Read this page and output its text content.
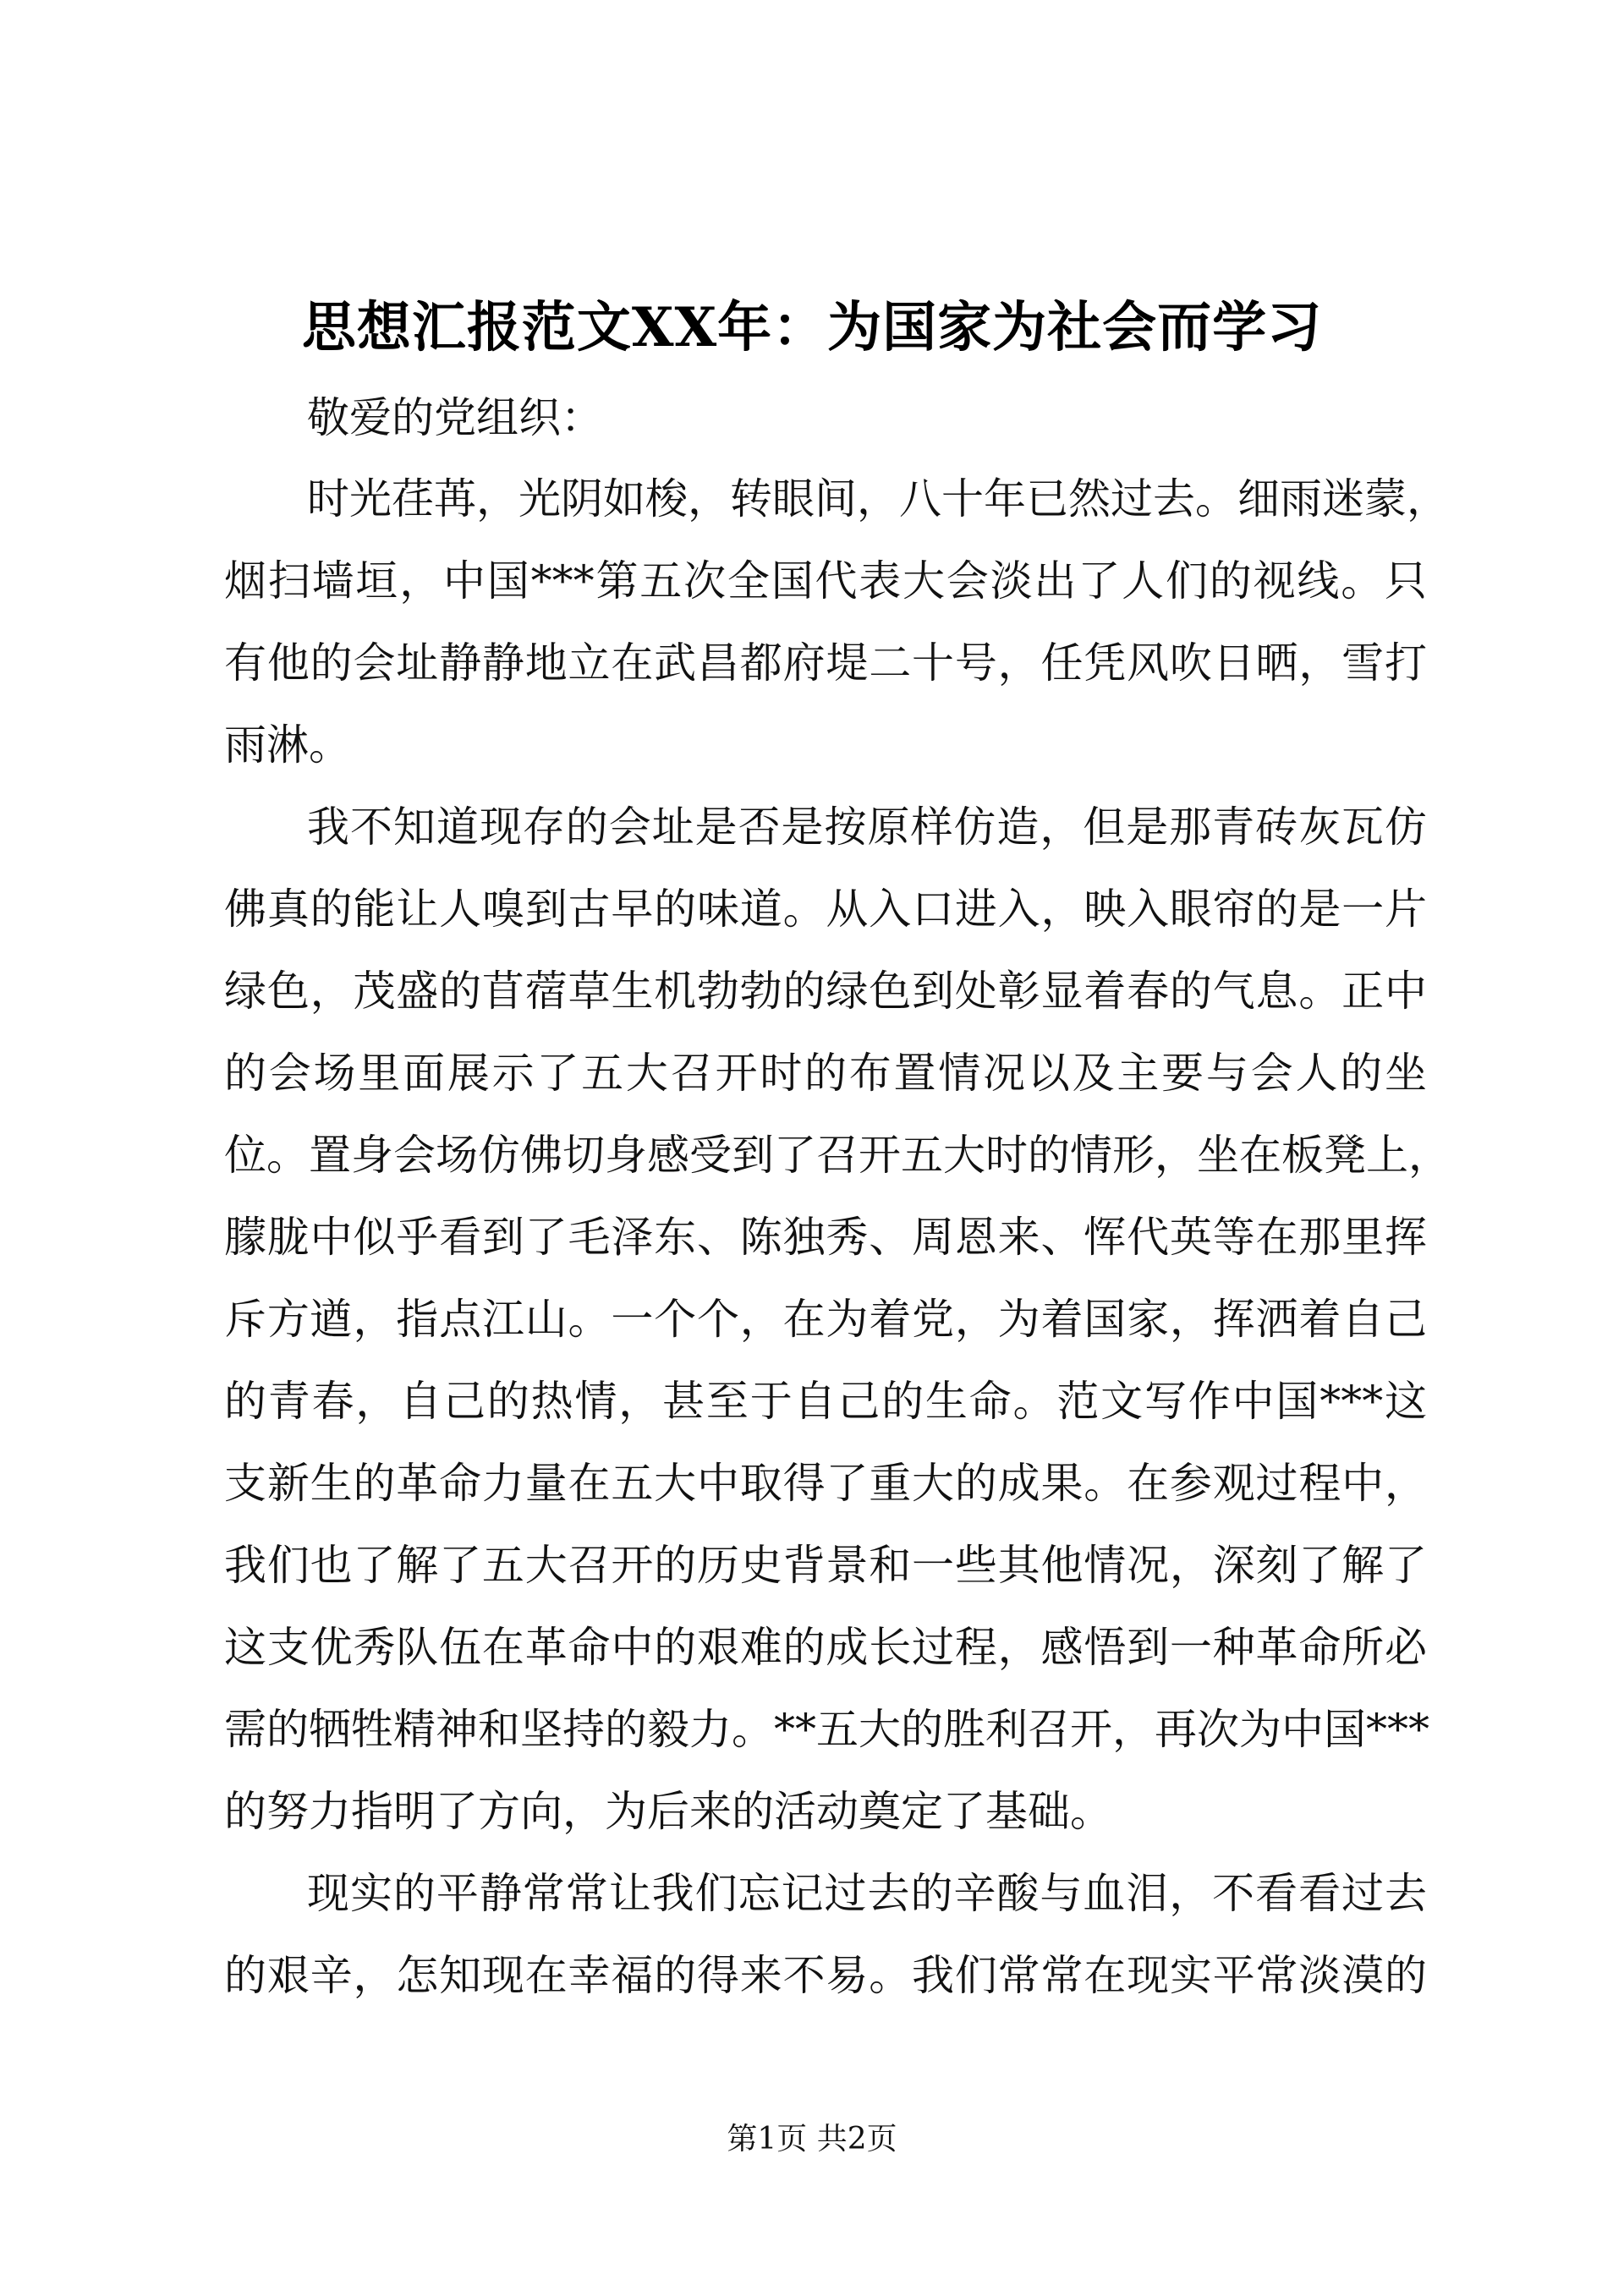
思想汇报范文XX年：为国家为社会而学习
敬爱的党组织：
时光荏苒，光阴如梭，转眼间，八十年已然过去。细雨迷蒙，
烟扫墙垣，中国***第五次全国代表大会淡出了人们的视线。只
有他的会址静静地立在武昌都府堤二十号，任凭风吹日晒，雪打
雨淋。
我不知道现存的会址是否是按原样仿造，但是那青砖灰瓦仿
佛真的能让人嗅到古早的味道。从入口进入，映入眼帘的是一片
绿色，茂盛的苜蓿草生机勃勃的绿色到处彰显着春的气息。正中
的会场里面展示了五大召开时的布置情况以及主要与会人的坐
位。置身会场仿佛切身感受到了召开五大时的情形，坐在板凳上，
朦胧中似乎看到了毛泽东、陈独秀、周恩来、恽代英等在那里挥
斥方遒，指点江山。一个个，在为着党，为着国家，挥洒着自己
的青春，自己的热情，甚至于自己的生命。范文写作中国***这
支新生的革命力量在五大中取得了重大的成果。在参观过程中，
我们也了解了五大召开的历史背景和一些其他情况，深刻了解了
这支优秀队伍在革命中的艰难的成长过程，感悟到一种革命所必
需的牺牲精神和坚持的毅力。**五大的胜利召开，再次为中国***
的努力指明了方向，为后来的活动奠定了基础。
现实的平静常常让我们忘记过去的辛酸与血泪，不看看过去
的艰辛，怎知现在幸福的得来不易。我们常常在现实平常淡漠的
第1页 共2页
